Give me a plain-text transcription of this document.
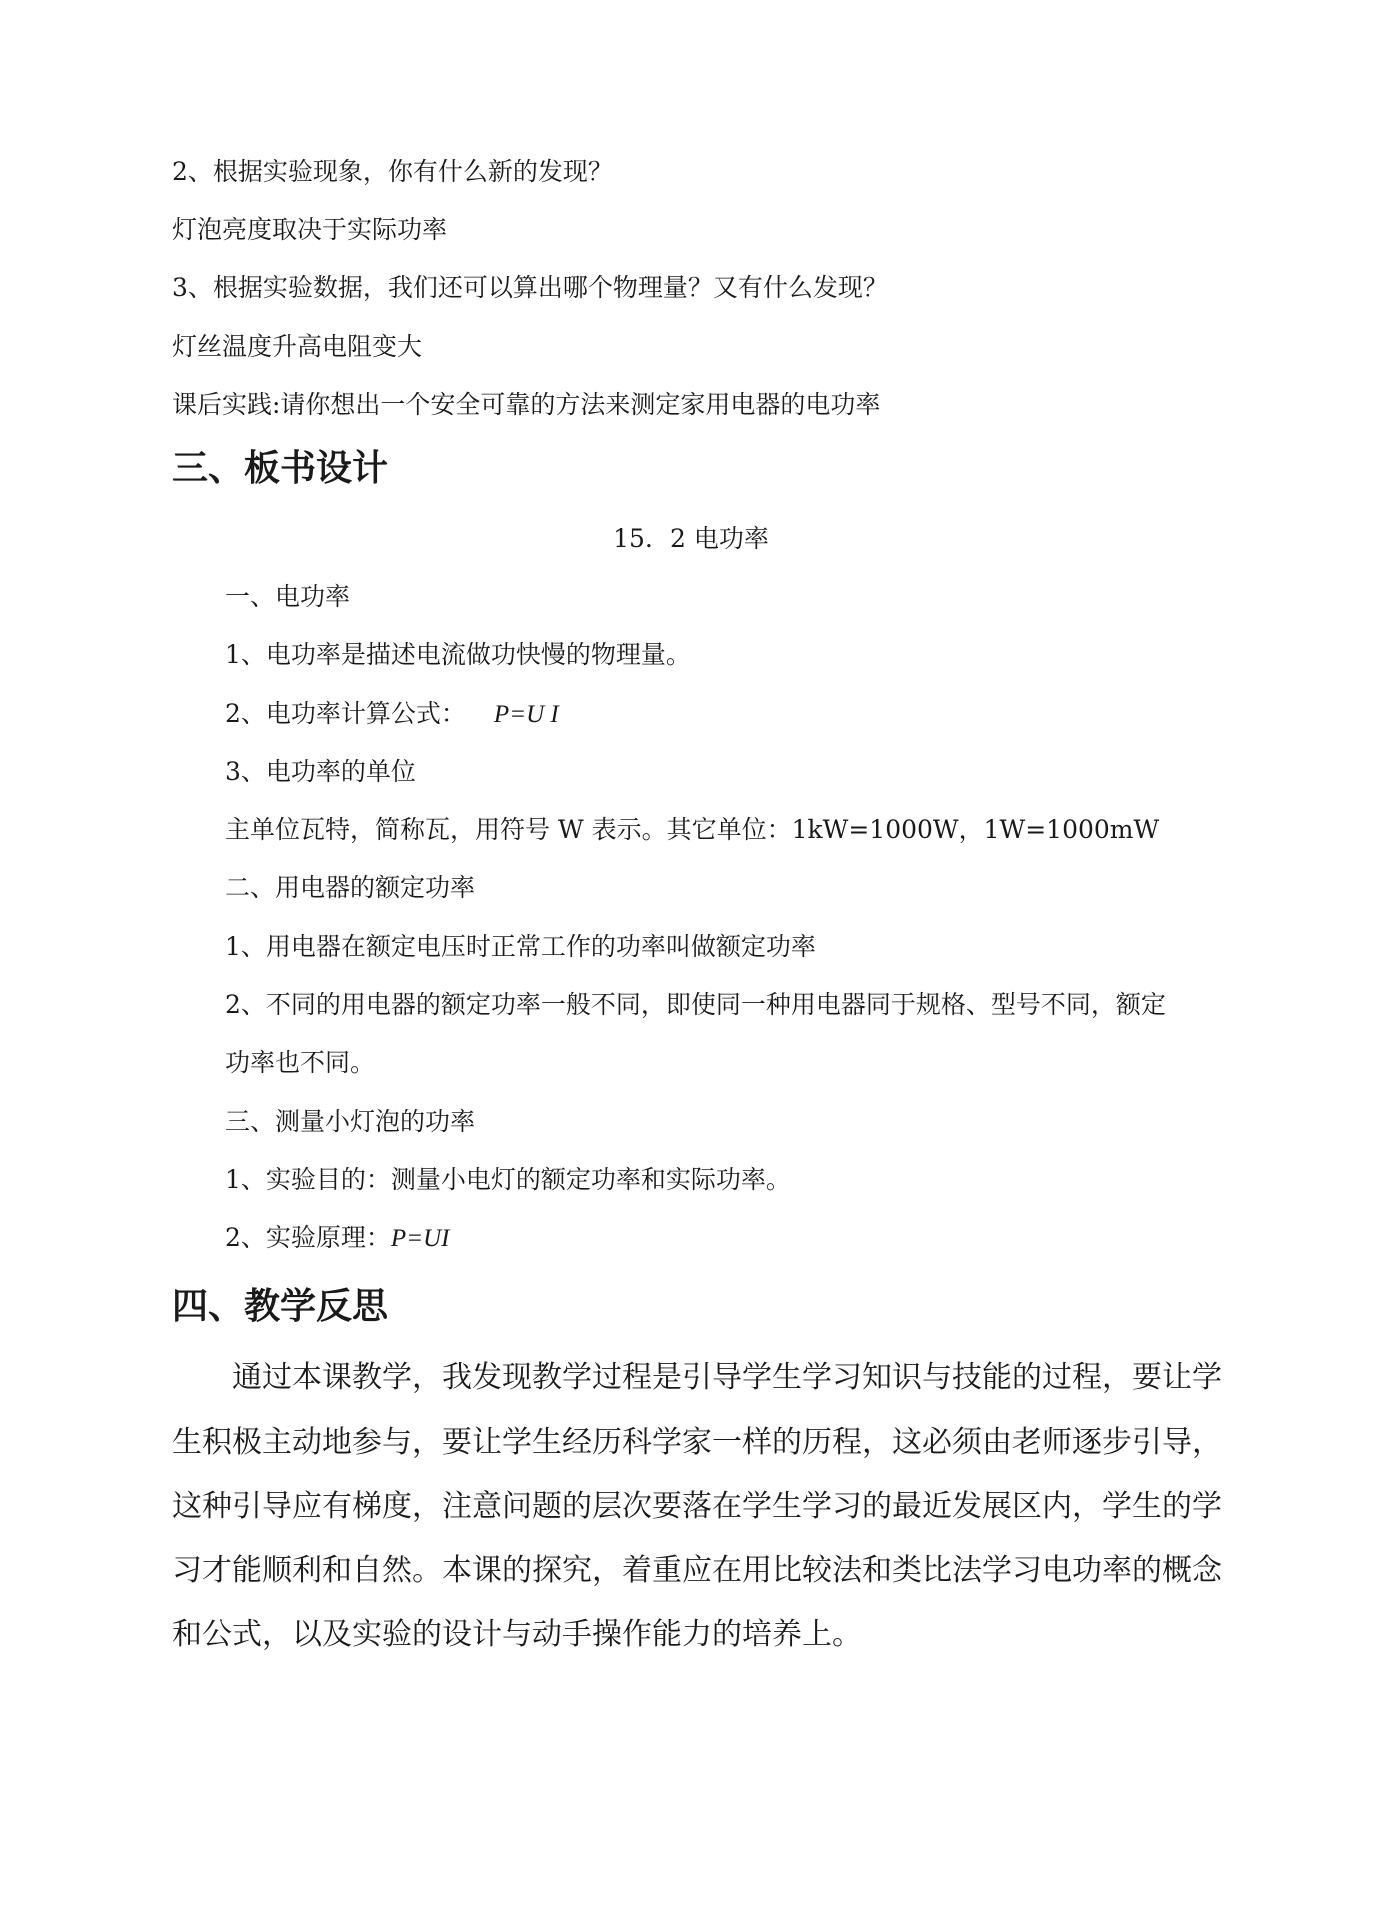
2、根据实验现象，你有什么新的发现？
灯泡亮度取决于实际功率
3、根据实验数据，我们还可以算出哪个物理量？又有什么发现？
灯丝温度升高电阻变大
课后实践:请你想出一个安全可靠的方法来测定家用电器的电功率
三、板书设计
15．2 电功率
一、电功率
1、电功率是描述电流做功快慢的物理量。
2、电功率计算公式： P=U I
3、电功率的单位
主单位瓦特，简称瓦，用符号 W 表示。其它单位：1kW=1000W，1W=1000mW
二、用电器的额定功率
1、用电器在额定电压时正常工作的功率叫做额定功率
2、不同的用电器的额定功率一般不同，即使同一种用电器同于规格、型号不同，额定
功率也不同。
三、测量小灯泡的功率
1、实验目的：测量小电灯的额定功率和实际功率。
2、实验原理：P=UI
四、教学反思
通过本课教学，我发现教学过程是引导学生学习知识与技能的过程，要让学
生积极主动地参与，要让学生经历科学家一样的历程，这必须由老师逐步引导，
这种引导应有梯度，注意问题的层次要落在学生学习的最近发展区内，学生的学
习才能顺利和自然。本课的探究，着重应在用比较法和类比法学习电功率的概念
和公式，以及实验的设计与动手操作能力的培养上。
